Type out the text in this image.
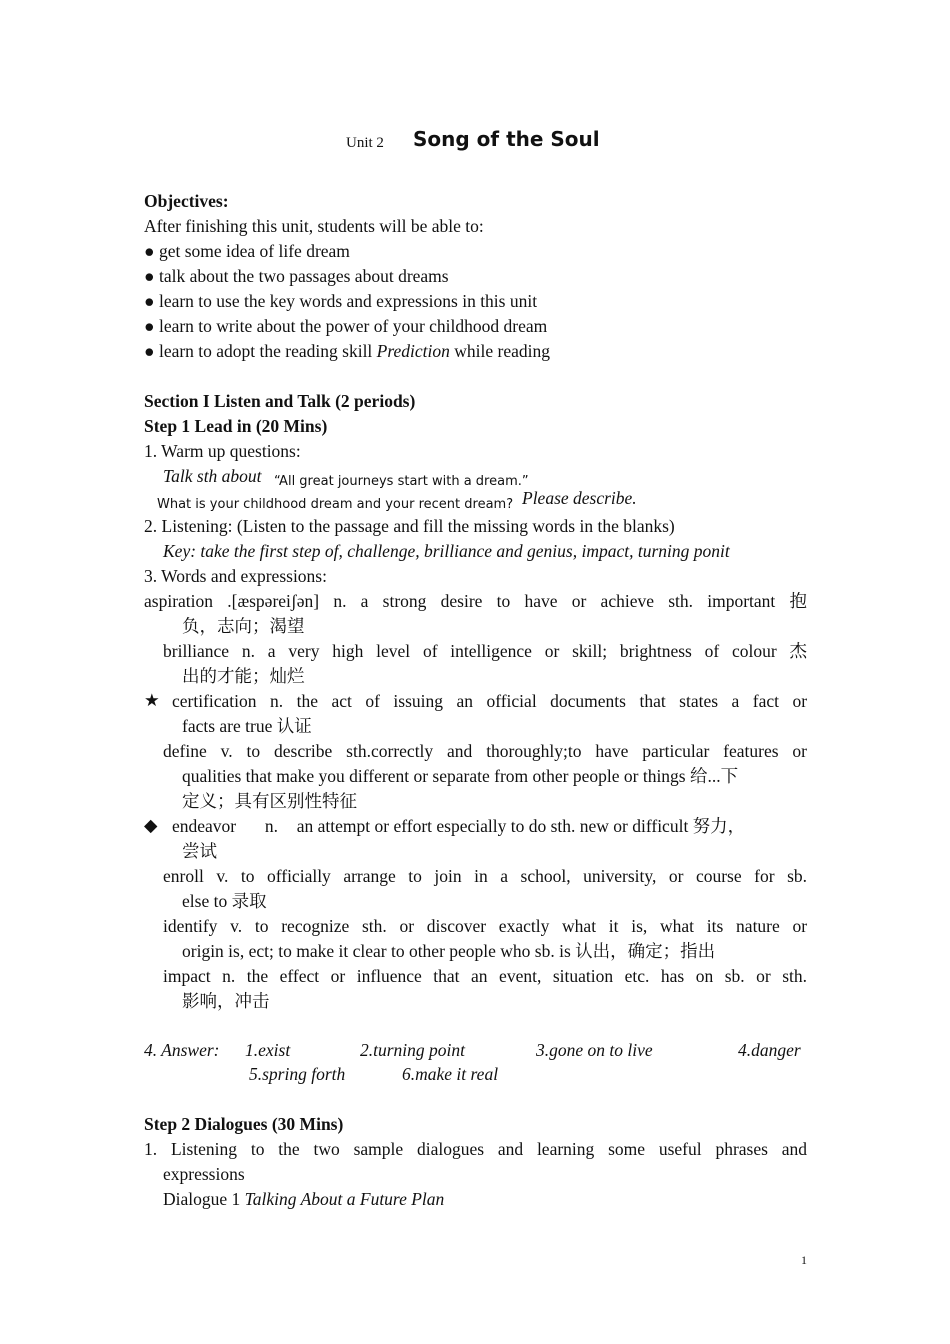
Unit 2 Song of the Soul
Objectives:
After finishing this unit, students will be able to:
● get some idea of life dream
● talk about the two passages about dreams
● learn to use the key words and expressions in this unit
● learn to write about the power of your childhood dream
● learn to adopt the reading skill Prediction while reading
Section I Listen and Talk (2 periods)
Step 1 Lead in (20 Mins)
1. Warm up questions:
Talk sth about “All great journeys start with a dream.”
What is your childhood dream and your recent dream? Please describe.
2. Listening: (Listen to the passage and fill the missing words in the blanks)
Key: take the first step of, challenge, brilliance and genius, impact, turning ponit
3. Words and expressions:
aspiration .[æspəreiʃən] n. a strong desire to have or achieve sth. important 抱
负，志向；渴望
brilliance n. a very high level of intelligence or skill; brightness of colour 杰
出的才能；灿烂
★ certification n. the act of issuing an official documents that states a fact or
facts are true 认证
define v. to describe sth.correctly and thoroughly;to have particular features or
qualities that make you different or separate from other people or things 给...下
定义；具有区别性特征
◆ endeavor n. an attempt or effort especially to do sth. new or difficult 努力，
尝试
enroll v. to officially arrange to join in a school, university, or course for sb.
else to 录取
identify v. to recognize sth. or discover exactly what it is, what its nature or
origin is, ect; to make it clear to other people who sb. is 认出，确定；指出
impact n. the effect or influence that an event, situation etc. has on sb. or sth.
影响，冲击
4. Answer: 1.exist	2.turning point	3.gone on to live	4.danger
5.spring forth	6.make it real
Step 2 Dialogues (30 Mins)
1. Listening to the two sample dialogues and learning some useful phrases and
expressions
Dialogue 1 Talking About a Future Plan
1
